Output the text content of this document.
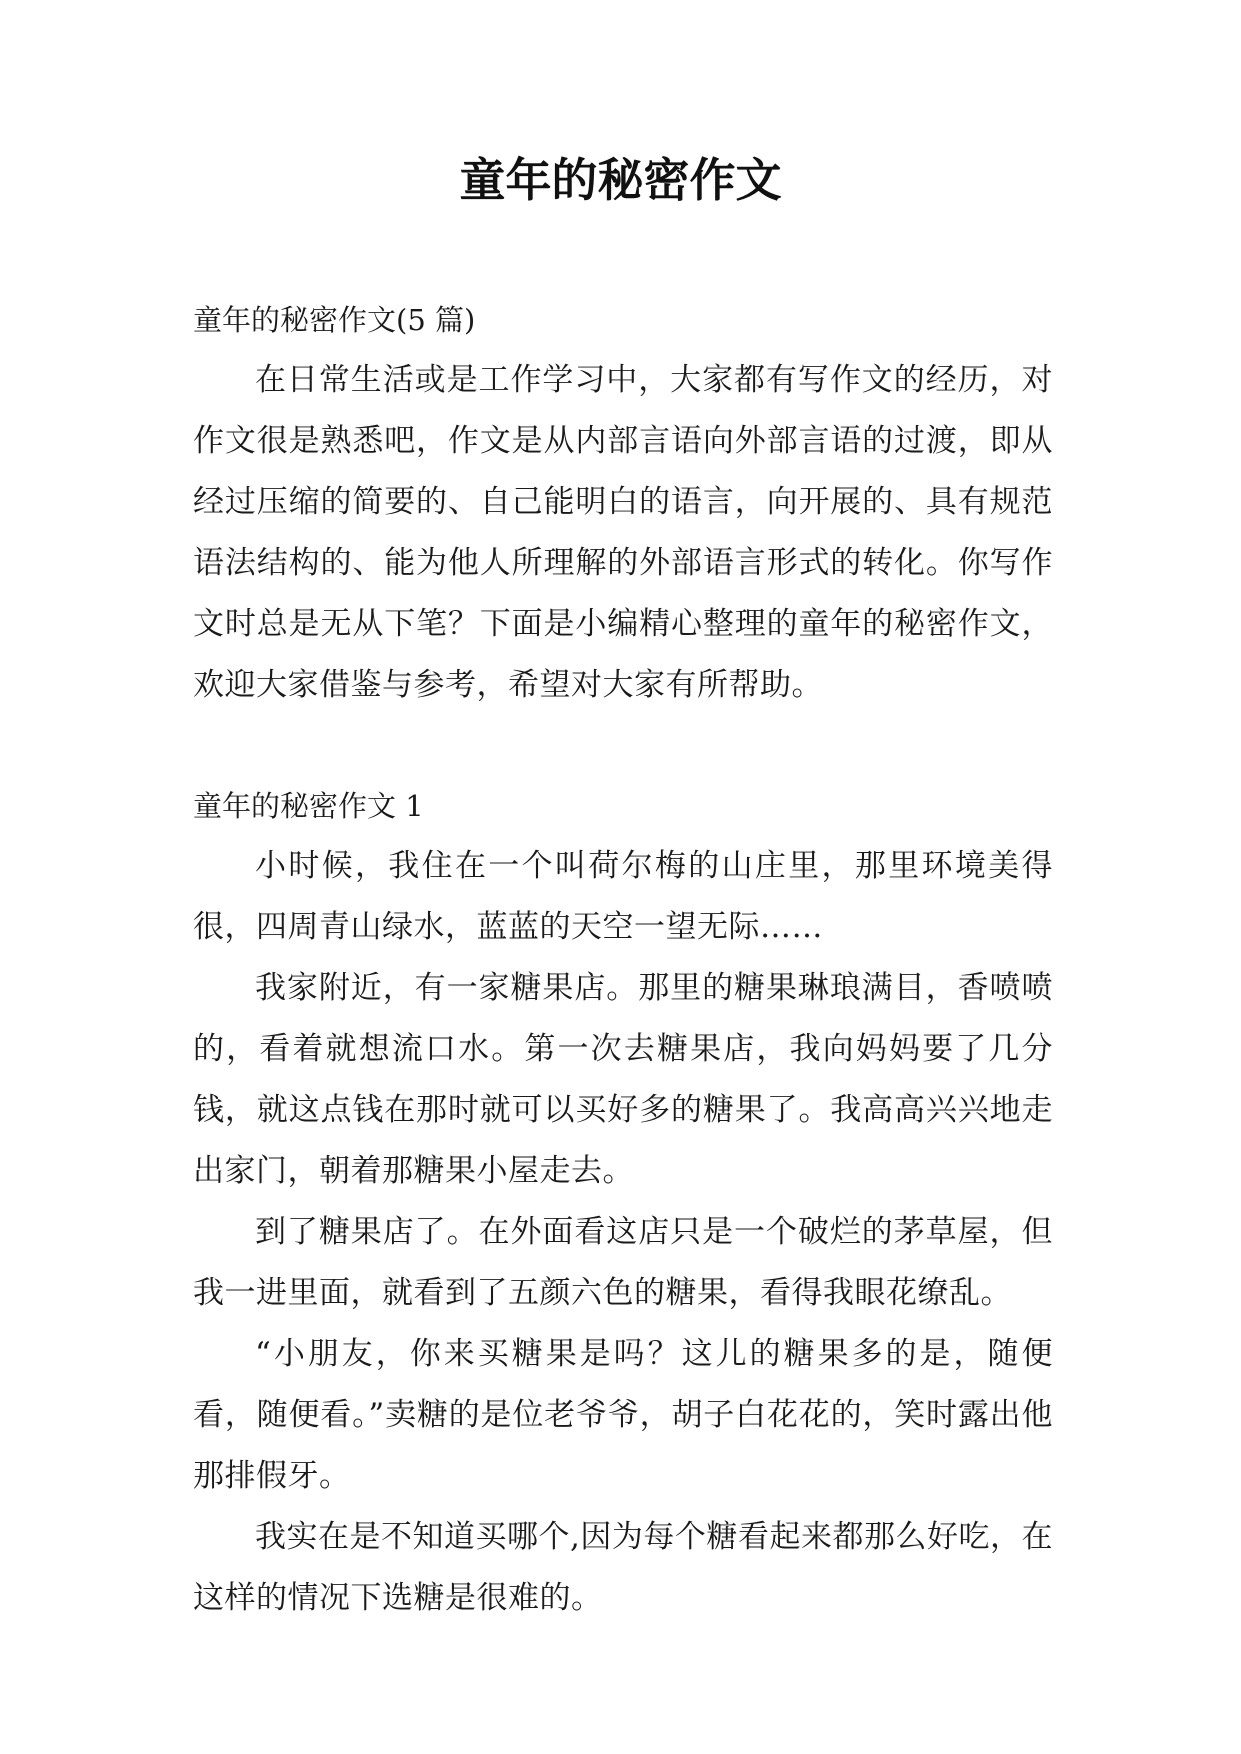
童年的秘密作文

童年的秘密作文(5 篇)

在日常生活或是工作学习中，大家都有写作文的经历，对作文很是熟悉吧，作文是从内部言语向外部言语的过渡，即从经过压缩的简要的、自己能明白的语言，向开展的、具有规范语法结构的、能为他人所理解的外部语言形式的转化。你写作文时总是无从下笔？下面是小编精心整理的童年的秘密作文，欢迎大家借鉴与参考，希望对大家有所帮助。

童年的秘密作文 1

小时候，我住在一个叫荷尔梅的山庄里，那里环境美得很，四周青山绿水，蓝蓝的天空一望无际……

我家附近，有一家糖果店。那里的糖果琳琅满目，香喷喷的，看着就想流口水。第一次去糖果店，我向妈妈要了几分钱，就这点钱在那时就可以买好多的糖果了。我高高兴兴地走出家门，朝着那糖果小屋走去。

到了糖果店了。在外面看这店只是一个破烂的茅草屋，但我一进里面，就看到了五颜六色的糖果，看得我眼花缭乱。

“小朋友，你来买糖果是吗？这儿的糖果多的是，随便看，随便看。”卖糖的是位老爷爷，胡子白花花的，笑时露出他那排假牙。

我实在是不知道买哪个,因为每个糖看起来都那么好吃，在这样的情况下选糖是很难的。
